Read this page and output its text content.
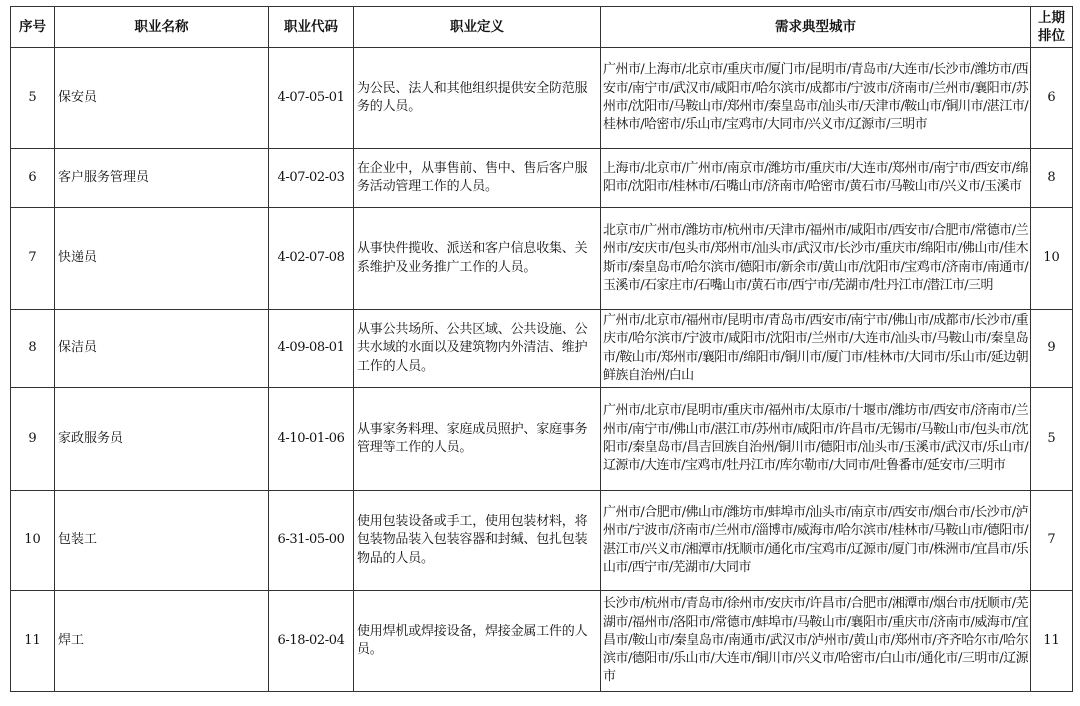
序号	职业名称	职业代码	职业定义	需求典型城市	上期排位
5	保安员	4-07-05-01	为公民、法人和其他组织提供安全防范服务的人员。	广州市/上海市/北京市/重庆市/厦门市/昆明市/青岛市/大连市/长沙市/潍坊市/西安市/南宁市/武汉市/咸阳市/哈尔滨市/成都市/宁波市/济南市/兰州市/襄阳市/苏州市/沈阳市/马鞍山市/郑州市/秦皇岛市/汕头市/天津市/鞍山市/铜川市/湛江市/桂林市/哈密市/乐山市/宝鸡市/大同市/兴义市/辽源市/三明市	6
6	客户服务管理员	4-07-02-03	在企业中，从事售前、售中、售后客户服务活动管理工作的人员。	上海市/北京市/广州市/南京市/潍坊市/重庆市/大连市/郑州市/南宁市/西安市/绵阳市/沈阳市/桂林市/石嘴山市/济南市/哈密市/黄石市/马鞍山市/兴义市/玉溪市	8
7	快递员	4-02-07-08	从事快件揽收、派送和客户信息收集、关系维护及业务推广工作的人员。	北京市/广州市/潍坊市/杭州市/天津市/福州市/咸阳市/西安市/合肥市/常德市/兰州市/安庆市/包头市/郑州市/汕头市/武汉市/长沙市/重庆市/绵阳市/佛山市/佳木斯市/秦皇岛市/哈尔滨市/德阳市/新余市/黄山市/沈阳市/宝鸡市/济南市/南通市/玉溪市/石家庄市/石嘴山市/黄石市/西宁市/芜湖市/牡丹江市/潜江市/三明	10
8	保洁员	4-09-08-01	从事公共场所、公共区域、公共设施、公共水域的水面以及建筑物内外清洁、维护工作的人员。	广州市/北京市/福州市/昆明市/青岛市/西安市/南宁市/佛山市/成都市/长沙市/重庆市/哈尔滨市/宁波市/咸阳市/沈阳市/兰州市/大连市/汕头市/马鞍山市/秦皇岛市/鞍山市/郑州市/襄阳市/绵阳市/铜川市/厦门市/桂林市/大同市/乐山市/延边朝鲜族自治州/白山	9
9	家政服务员	4-10-01-06	从事家务料理、家庭成员照护、家庭事务管理等工作的人员。	广州市/北京市/昆明市/重庆市/福州市/太原市/十堰市/潍坊市/西安市/济南市/兰州市/南宁市/佛山市/湛江市/苏州市/咸阳市/许昌市/无锡市/马鞍山市/包头市/沈阳市/秦皇岛市/昌吉回族自治州/铜川市/德阳市/汕头市/玉溪市/武汉市/乐山市/辽源市/大连市/宝鸡市/牡丹江市/库尔勒市/大同市/吐鲁番市/延安市/三明市	5
10	包装工	6-31-05-00	使用包装设备或手工，使用包装材料，将包装物品装入包装容器和封缄、包扎包装物品的人员。	广州市/合肥市/佛山市/潍坊市/蚌埠市/汕头市/南京市/西安市/烟台市/长沙市/泸州市/宁波市/济南市/兰州市/淄博市/威海市/哈尔滨市/桂林市/马鞍山市/德阳市/湛江市/兴义市/湘潭市/抚顺市/通化市/宝鸡市/辽源市/厦门市/株洲市/宜昌市/乐山市/西宁市/芜湖市/大同市	7
11	焊工	6-18-02-04	使用焊机或焊接设备，焊接金属工件的人员。	长沙市/杭州市/青岛市/徐州市/安庆市/许昌市/合肥市/湘潭市/烟台市/抚顺市/芜湖市/福州市/洛阳市/常德市/蚌埠市/马鞍山市/襄阳市/重庆市/济南市/威海市/宜昌市/鞍山市/秦皇岛市/南通市/武汉市/泸州市/黄山市/郑州市/齐齐哈尔市/哈尔滨市/德阳市/乐山市/大连市/铜川市/兴义市/哈密市/白山市/通化市/三明市/辽源市	11
